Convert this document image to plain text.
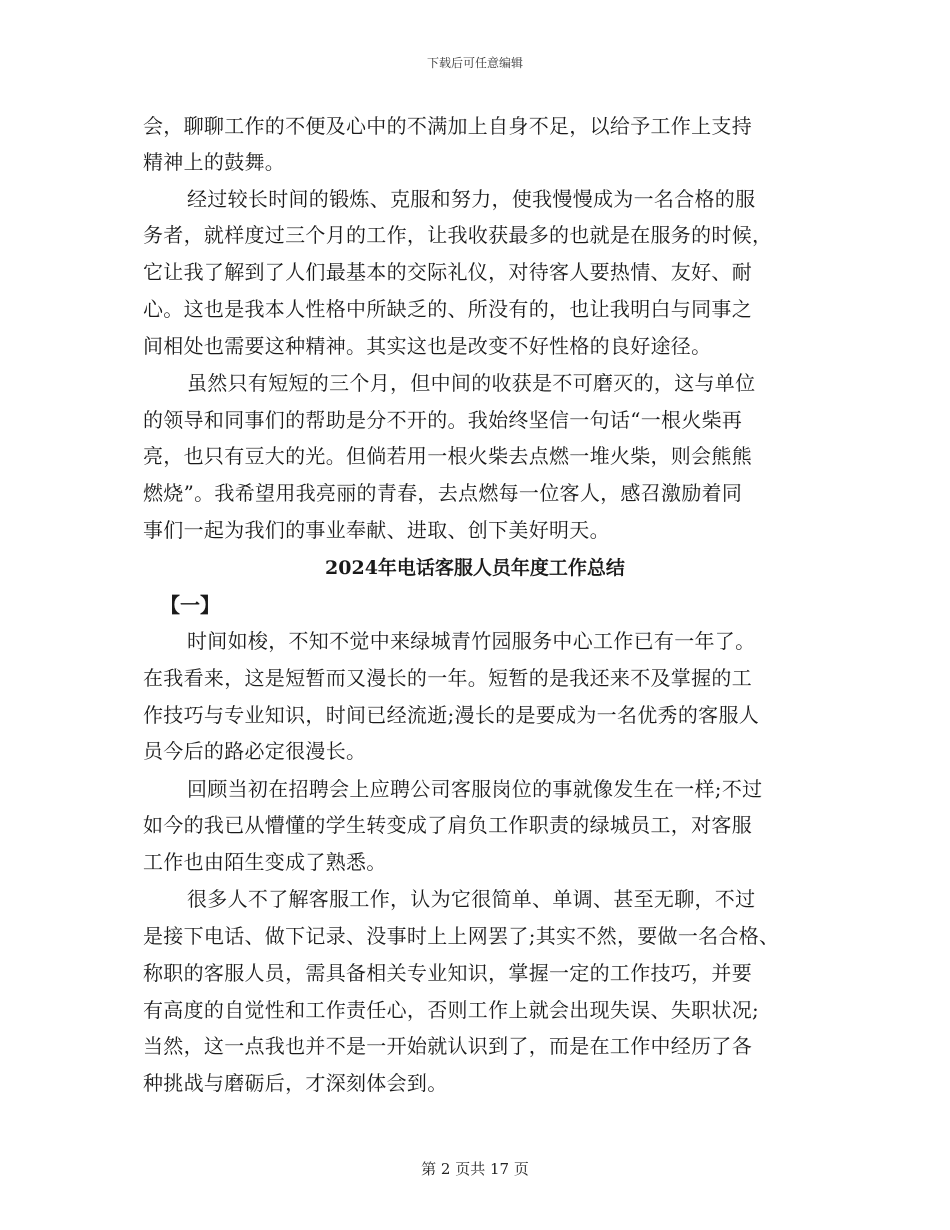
下载后可任意编辑
会，聊聊工作的不便及心中的不满加上自身不足，以给予工作上支持
精神上的鼓舞。
经过较长时间的锻炼、克服和努力，使我慢慢成为一名合格的服
务者，就样度过三个月的工作，让我收获最多的也就是在服务的时候，
它让我了解到了人们最基本的交际礼仪，对待客人要热情、友好、耐
心。这也是我本人性格中所缺乏的、所没有的，也让我明白与同事之
间相处也需要这种精神。其实这也是改变不好性格的良好途径。
虽然只有短短的三个月，但中间的收获是不可磨灭的，这与单位
的领导和同事们的帮助是分不开的。我始终坚信一句话“一根火柴再
亮，也只有豆大的光。但倘若用一根火柴去点燃一堆火柴，则会熊熊
燃烧”。我希望用我亮丽的青春，去点燃每一位客人，感召激励着同
事们一起为我们的事业奉献、进取、创下美好明天。
2024年电话客服人员年度工作总结
【一】
时间如梭，不知不觉中来绿城青竹园服务中心工作已有一年了。
在我看来，这是短暂而又漫长的一年。短暂的是我还来不及掌握的工
作技巧与专业知识，时间已经流逝;漫长的是要成为一名优秀的客服人
员今后的路必定很漫长。
回顾当初在招聘会上应聘公司客服岗位的事就像发生在一样;不过
如今的我已从懵懂的学生转变成了肩负工作职责的绿城员工，对客服
工作也由陌生变成了熟悉。
很多人不了解客服工作，认为它很简单、单调、甚至无聊，不过
是接下电话、做下记录、没事时上上网罢了;其实不然，要做一名合格、
称职的客服人员，需具备相关专业知识，掌握一定的工作技巧，并要
有高度的自觉性和工作责任心，否则工作上就会出现失误、失职状况;
当然，这一点我也并不是一开始就认识到了，而是在工作中经历了各
种挑战与磨砺后，才深刻体会到。
第 2 页共 17 页
